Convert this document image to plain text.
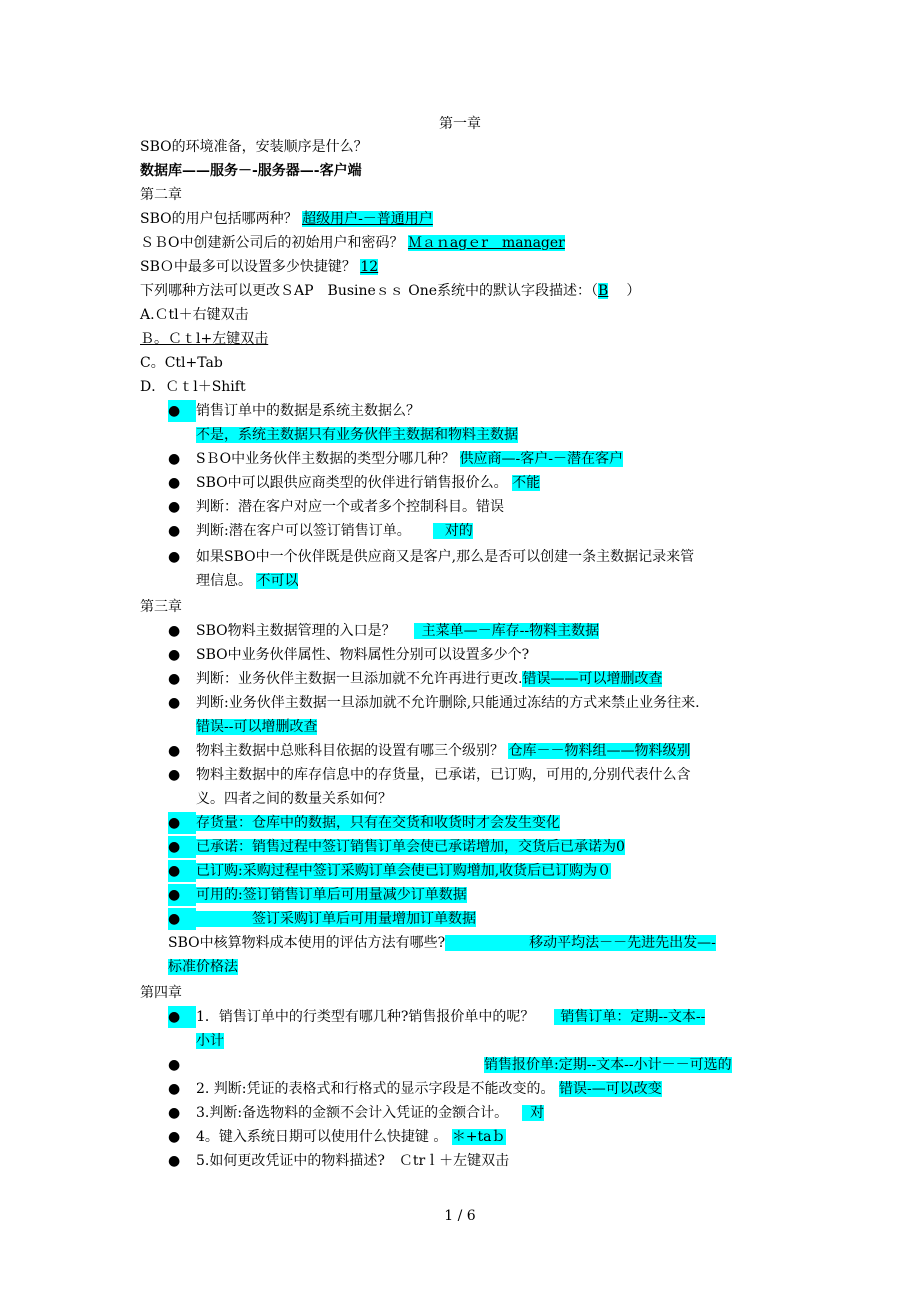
第一章
SBO的环境准备，安装顺序是什么？
数据库——服务－-服务器—-客户端
第二章
SBO的用户包括哪两种？ 超级用户-－普通用户
ＳＢO中创建新公司后的初始用户和密码？ Ｍａｎagｅr＿manager
SBＯ中最多可以设置多少快捷键？ 12
下列哪种方法可以更改ＳAP　Busineｓｓ One系统中的默认字段描述：（B ）
A.Ｃtl＋右键双击
Ｂ。Ｃｔl+左键双击
C。Ctl+Tab
D．Ｃｔl＋Shift
● 销售订单中的数据是系统主数据么？
不是，系统主数据只有业务伙伴主数据和物料主数据
● SＢO中业务伙伴主数据的类型分哪几种？ 供应商—-客户-－潜在客户
● SBO中可以跟供应商类型的伙伴进行销售报价么。 不能
● 判断：潜在客户对应一个或者多个控制科目。错误
● 判断:潜在客户可以签订销售订单。 对的
● 如果SBO中一个伙伴既是供应商又是客户,那么是否可以创建一条主数据记录来管
理信息。 不可以
第三章
● SBO物料主数据管理的入口是？ 主菜单—－库存--物料主数据
● SBO中业务伙伴属性、物料属性分别可以设置多少个?
● 判断：业务伙伴主数据一旦添加就不允许再进行更改.错误——可以增删改查
● 判断:业务伙伴主数据一旦添加就不允许删除,只能通过冻结的方式来禁止业务往来.
错误--可以增删改查
● 物料主数据中总账科目依据的设置有哪三个级别？ 仓库－－物料组——物料级别
● 物料主数据中的库存信息中的存货量，已承诺，已订购，可用的,分别代表什么含
义。四者之间的数量关系如何？
● 存货量：仓库中的数据，只有在交货和收货时才会发生变化
● 已承诺：销售过程中签订销售订单会使已承诺增加，交货后已承诺为0
● 已订购:采购过程中签订采购订单会使已订购增加,收货后已订购为０
● 可用的:签订销售订单后可用量减少订单数据
●	签订采购订单后可用量增加订单数据
SBO中核算物料成本使用的评估方法有哪些?	移动平均法－－先进先出发—-
标准价格法
第四章
● 1．销售订单中的行类型有哪几种?销售报价单中的呢？ 销售订单：定期--文本--
小计
●	销售报价单:定期--文本--小计－－可选的
● 2. 判断:凭证的表格式和行格式的显示字段是不能改变的。 错误-—可以改变
● 3.判断:备选物料的金额不会计入凭证的金额合计。 对
● 4。键入系统日期可以使用什么快捷键 。 ＊+taｂ
● 5.如何更改凭证中的物料描述?　Ｃtrｌ＋左键双击
1 / 6
